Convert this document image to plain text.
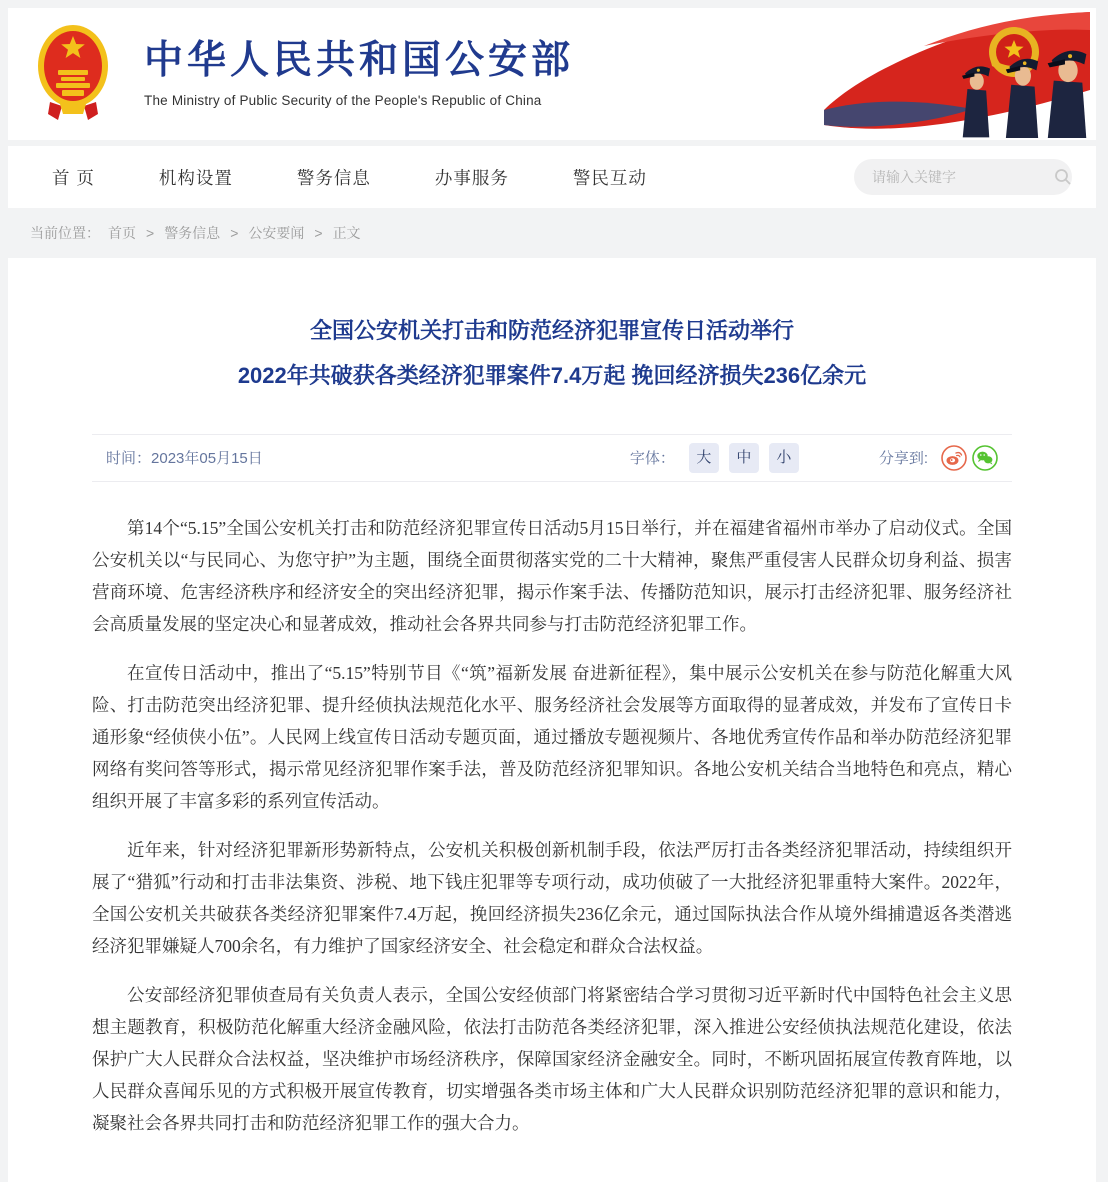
中华人民共和国公安部
The Ministry of Public Security of the People's Republic of China
首 页	机构设置	警务信息	办事服务	警民互动
请输入关键字
当前位置： 首页 > 警务信息 > 公安要闻 > 正文
全国公安机关打击和防范经济犯罪宣传日活动举行
2022年共破获各类经济犯罪案件7.4万起 挽回经济损失236亿余元
时间： 2023年05月15日	字体：	大 中 小	分享到:

第14个“5.15”全国公安机关打击和防范经济犯罪宣传日活动5月15日举行，并在福建省福州市举办了启动仪式。全国公安机关以“与民同心、为您守护”为主题，围绕全面贯彻落实党的二十大精神，聚焦严重侵害人民群众切身利益、损害营商环境、危害经济秩序和经济安全的突出经济犯罪，揭示作案手法、传播防范知识，展示打击经济犯罪、服务经济社会高质量发展的坚定决心和显著成效，推动社会各界共同参与打击防范经济犯罪工作。

在宣传日活动中，推出了“5.15”特别节目《“筑”福新发展 奋进新征程》，集中展示公安机关在参与防范化解重大风险、打击防范突出经济犯罪、提升经侦执法规范化水平、服务经济社会发展等方面取得的显著成效，并发布了宣传日卡通形象“经侦侠小伍”。人民网上线宣传日活动专题页面，通过播放专题视频片、各地优秀宣传作品和举办防范经济犯罪网络有奖问答等形式，揭示常见经济犯罪作案手法，普及防范经济犯罪知识。各地公安机关结合当地特色和亮点，精心组织开展了丰富多彩的系列宣传活动。

近年来，针对经济犯罪新形势新特点，公安机关积极创新机制手段，依法严厉打击各类经济犯罪活动，持续组织开展了“猎狐”行动和打击非法集资、涉税、地下钱庄犯罪等专项行动，成功侦破了一大批经济犯罪重特大案件。2022年，全国公安机关共破获各类经济犯罪案件7.4万起，挽回经济损失236亿余元，通过国际执法合作从境外缉捕遣返各类潜逃经济犯罪嫌疑人700余名，有力维护了国家经济安全、社会稳定和群众合法权益。

公安部经济犯罪侦查局有关负责人表示，全国公安经侦部门将紧密结合学习贯彻习近平新时代中国特色社会主义思想主题教育，积极防范化解重大经济金融风险，依法打击防范各类经济犯罪，深入推进公安经侦执法规范化建设，依法保护广大人民群众合法权益，坚决维护市场经济秩序，保障国家经济金融安全。同时，不断巩固拓展宣传教育阵地，以人民群众喜闻乐见的方式积极开展宣传教育，切实增强各类市场主体和广大人民群众识别防范经济犯罪的意识和能力，凝聚社会各界共同打击和防范经济犯罪工作的强大合力。
